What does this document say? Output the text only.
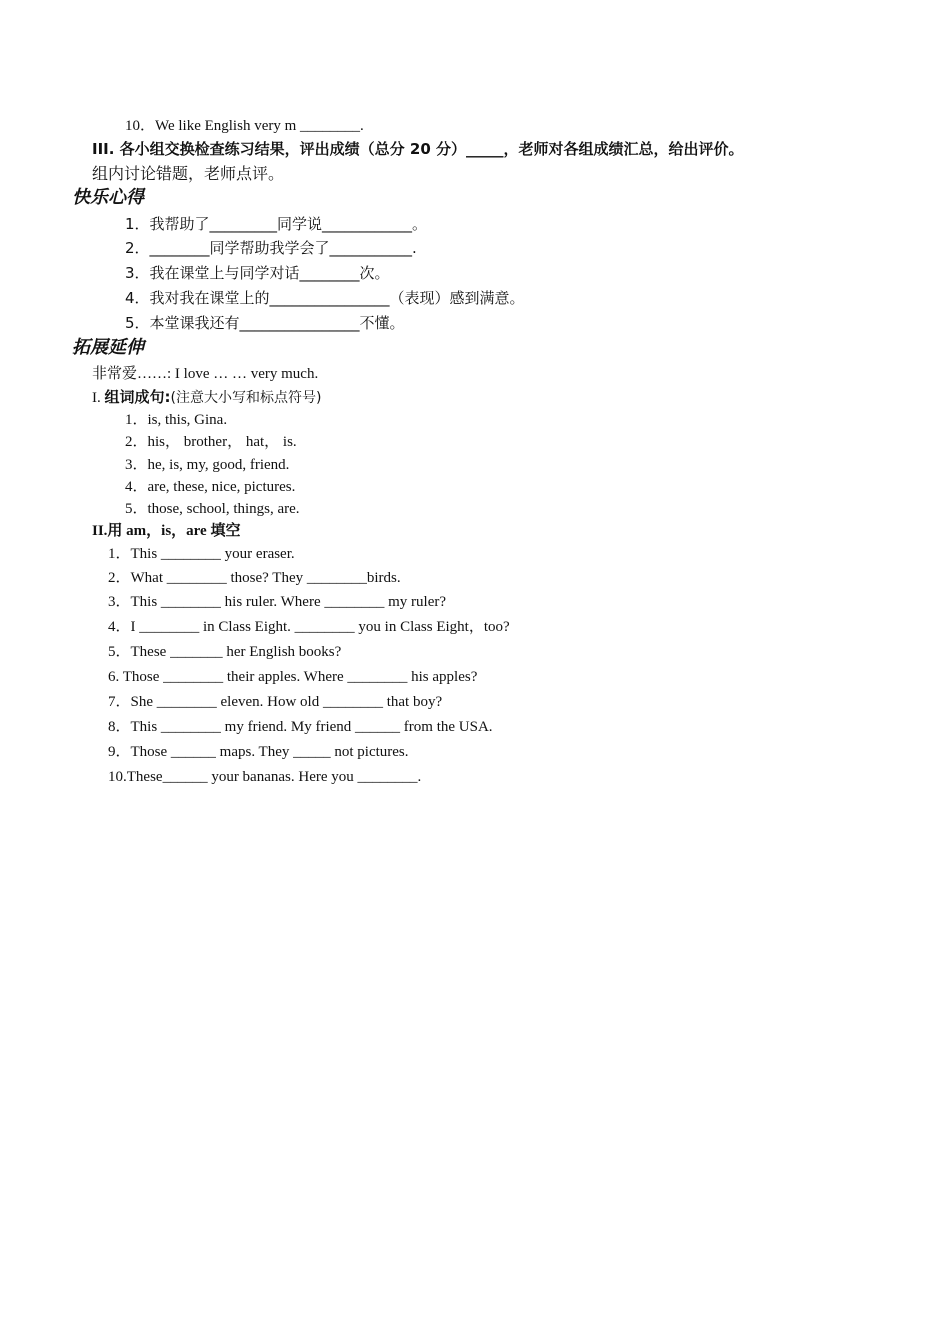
10．We like English very m ________.
III. 各小组交换检查练习结果，评出成绩（总分 20 分）_____，老师对各组成绩汇总，给出评价。
组内讨论错题，老师点评。
快乐心得
1．我帮助了_________同学说____________。
2．________同学帮助我学会了___________.
3．我在课堂上与同学对话________次。
4．我对我在课堂上的________________（表现）感到满意。
5．本堂课我还有________________不懂。
拓展延伸
非常爱……: I love … … very much.
I. 组词成句:(注意大小写和标点符号)
1．is, this, Gina.
2．his， brother， hat， is.
3．he, is, my, good, friend.
4．are, these, nice, pictures.
5．those, school, things, are.
II.用 am，is，are 填空
1．This ________ your eraser.
2．What ________ those? They ________birds.
3．This ________ his ruler. Where ________ my ruler?
4．I ________ in Class Eight. ________ you in Class Eight，too?
5．These _______ her English books?
6. Those ________ their apples. Where ________ his apples?
7．She ________ eleven. How old ________ that boy?
8．This ________ my friend. My friend ______ from the USA.
9．Those ______ maps. They _____ not pictures.
10.These______ your bananas. Here you ________.
